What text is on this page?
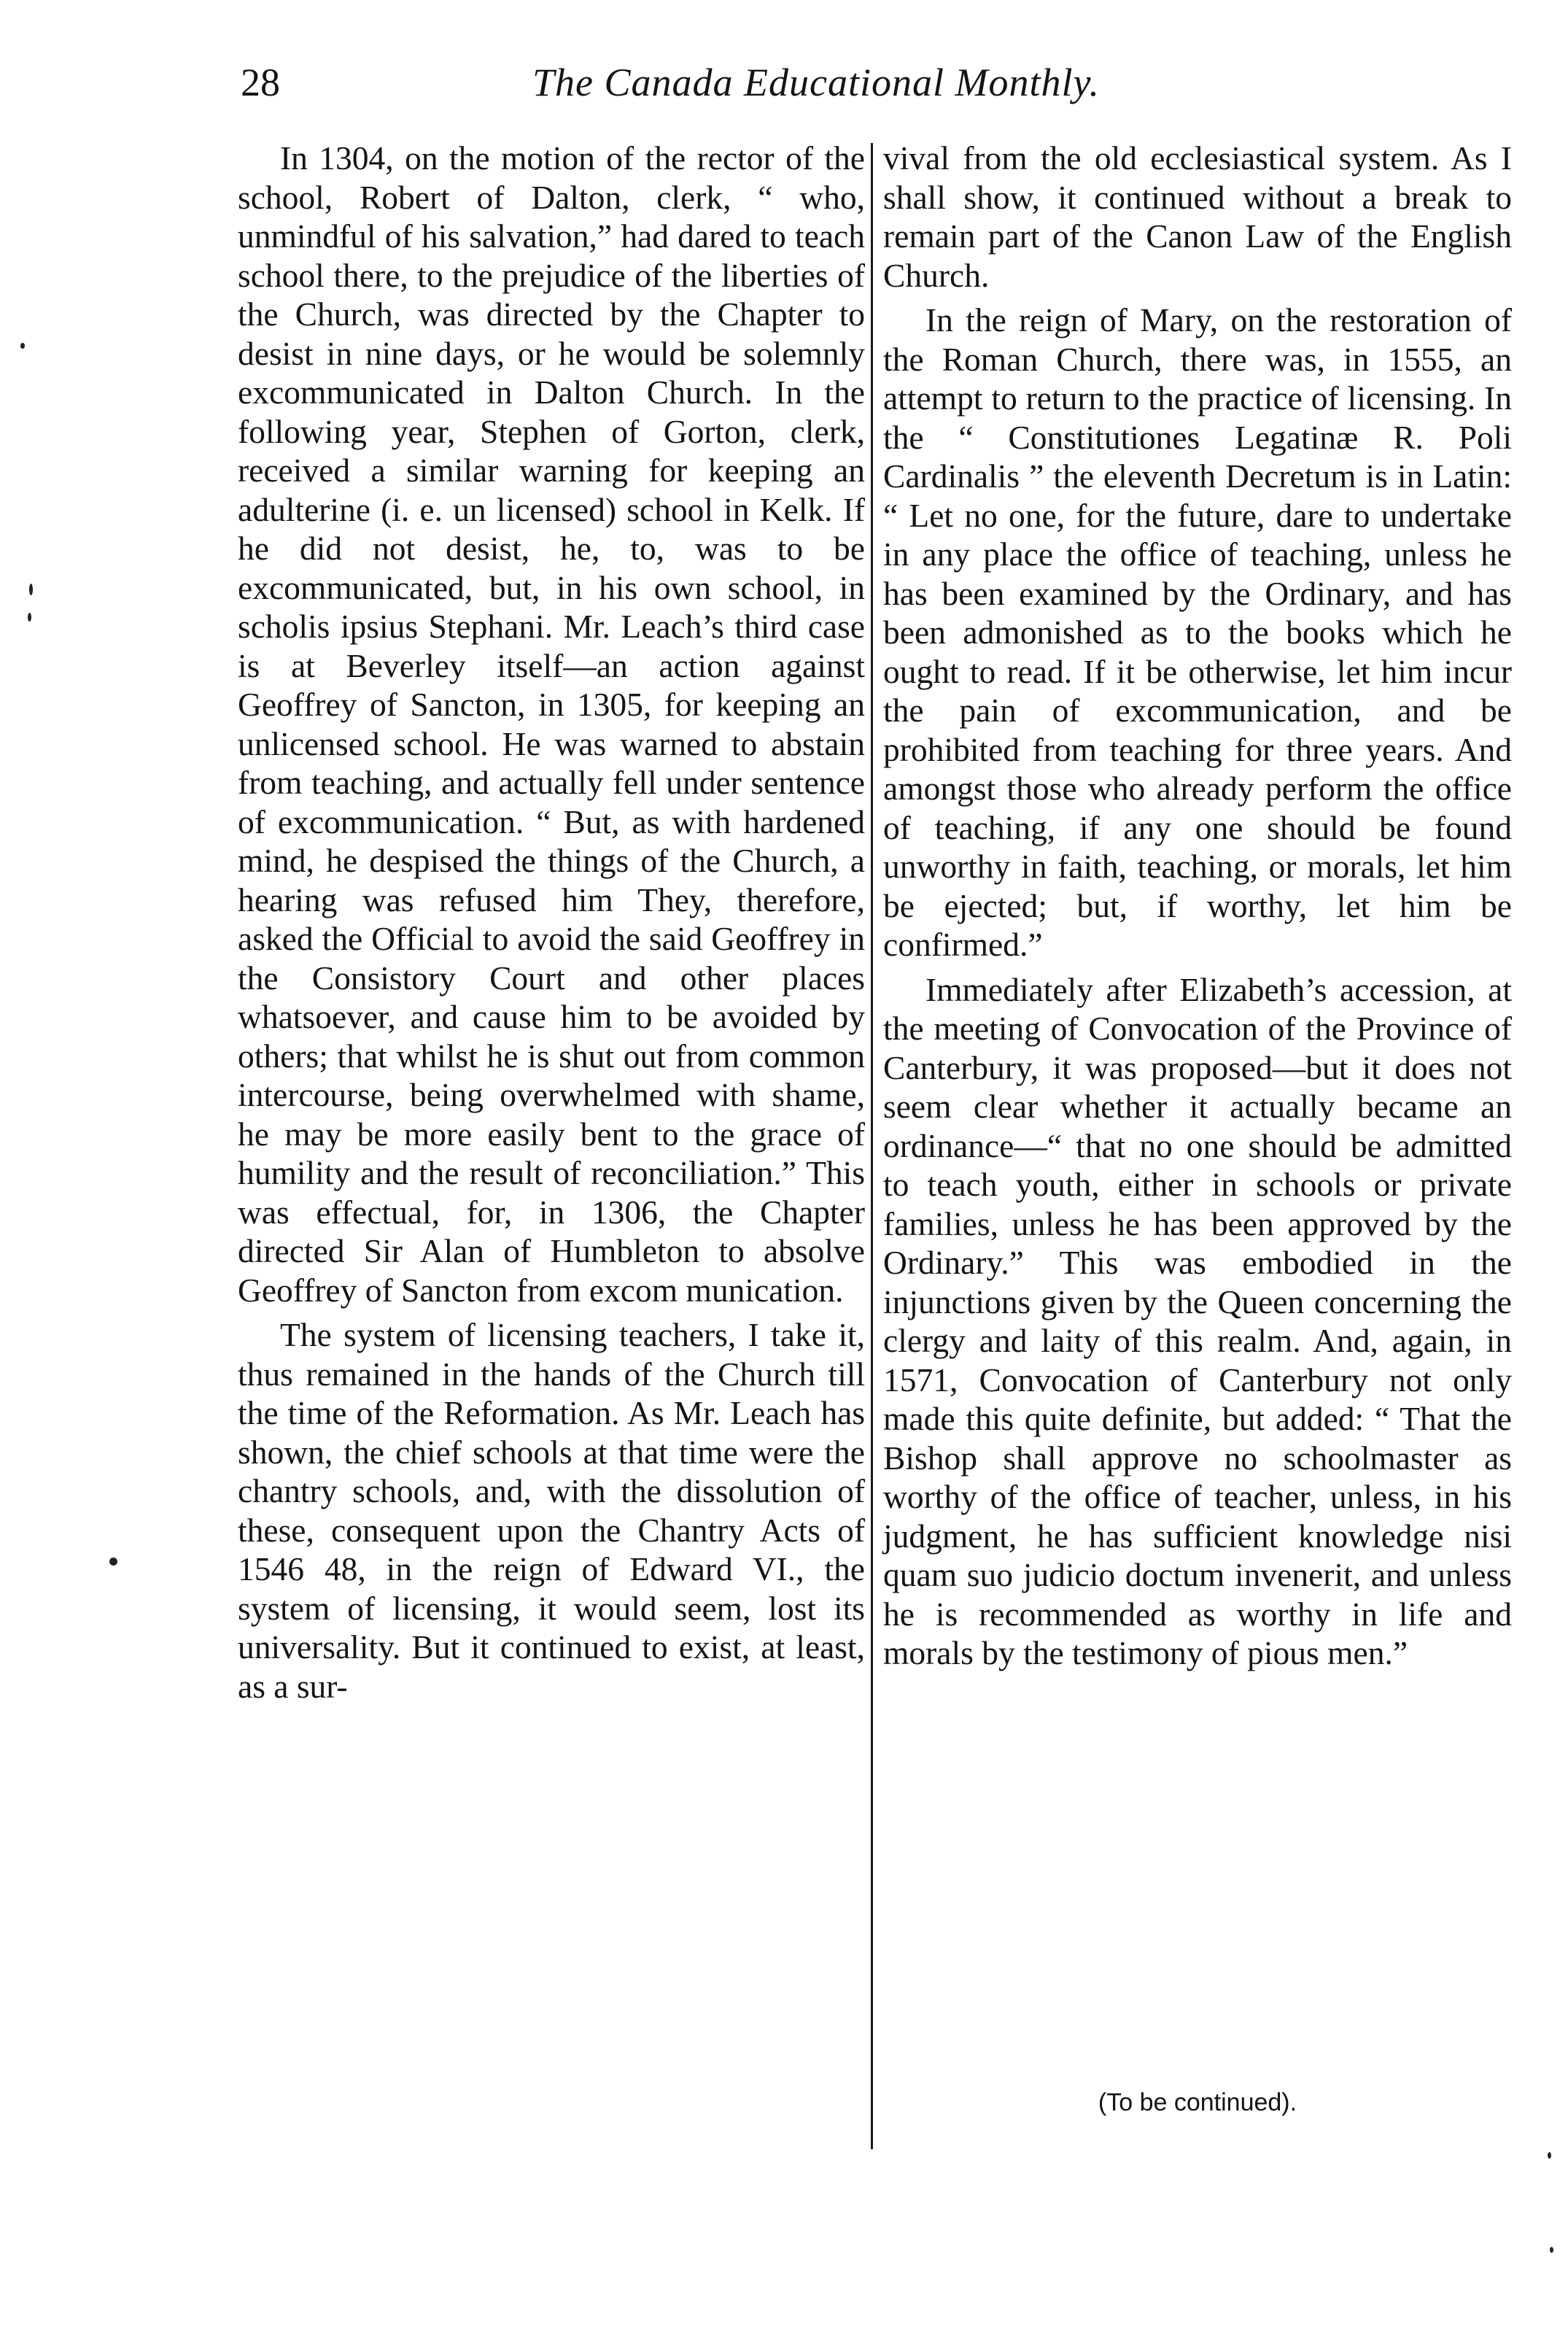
28	The Canada Educational Monthly.

In 1304, on the motion of the rector of the school, Robert of Dalton, clerk, “ who, unmindful of his salvation,” had dared to teach school there, to the prejudice of the liberties of the Church, was directed by the Chapter to desist in nine days, or he would be solemnly excommunicated in Dalton Church. In the following year, Stephen of Gorton, clerk, received a similar warning for keeping an adulterine (i. e. un licensed) school in Kelk. If he did not desist, he, to, was to be excommunicated, but, in his own school, in scholis ipsius Stephani. Mr. Leach’s third case is at Beverley itself—an action against Geoffrey of Sancton, in 1305, for keeping an unlicensed school. He was warned to abstain from teaching, and actually fell under sentence of excommunication. “ But, as with hardened mind, he despised the things of the Church, a hearing was refused him They, therefore, asked the Official to avoid the said Geoffrey in the Consistory Court and other places whatsoever, and cause him to be avoided by others; that whilst he is shut out from common intercourse, being overwhelmed with shame, he may be more easily bent to the grace of humility and the result of reconciliation.” This was effectual, for, in 1306, the Chapter directed Sir Alan of Humbleton to absolve Geoffrey of Sancton from excom munication.

The system of licensing teachers, I take it, thus remained in the hands of the Church till the time of the Reformation. As Mr. Leach has shown, the chief schools at that time were the chantry schools, and, with the dissolution of these, consequent upon the Chantry Acts of 1546 48, in the reign of Edward VI., the system of licensing, it would seem, lost its universality. But it continued to exist, at least, as a sur-

vival from the old ecclesiastical system. As I shall show, it continued without a break to remain part of the Canon Law of the English Church.

In the reign of Mary, on the restoration of the Roman Church, there was, in 1555, an attempt to return to the practice of licensing. In the “ Constitutiones Legatinæ R. Poli Cardinalis ” the eleventh Decretum is in Latin: “ Let no one, for the future, dare to undertake in any place the office of teaching, unless he has been examined by the Ordinary, and has been admonished as to the books which he ought to read. If it be otherwise, let him incur the pain of excommunication, and be prohibited from teaching for three years. And amongst those who already perform the office of teaching, if any one should be found unworthy in faith, teaching, or morals, let him be ejected; but, if worthy, let him be confirmed.”

Immediately after Elizabeth’s accession, at the meeting of Convocation of the Province of Canterbury, it was proposed—but it does not seem clear whether it actually became an ordinance—“ that no one should be admitted to teach youth, either in schools or private families, unless he has been approved by the Ordinary.” This was embodied in the injunctions given by the Queen concerning the clergy and laity of this realm. And, again, in 1571, Convocation of Canterbury not only made this quite definite, but added: “ That the Bishop shall approve no schoolmaster as worthy of the office of teacher, unless, in his judgment, he has sufficient knowledge nisi quam suo judicio doctum invenerit, and unless he is recommended as worthy in life and morals by the testimony of pious men.”

(To be continued).
